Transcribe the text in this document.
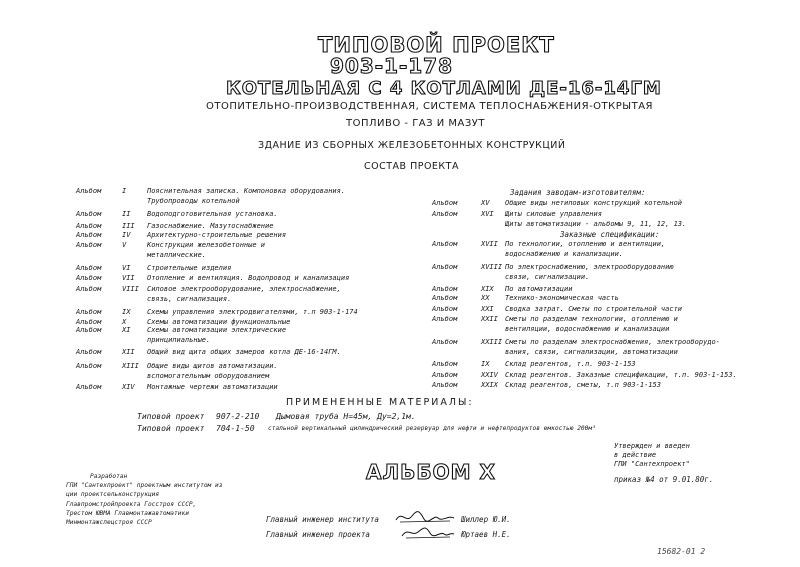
ТИПОВОЙ ПРОЕКТ
903-1-178
КОТЕЛЬНАЯ С 4 КОТЛАМИ ДЕ-16-14ГМ
ОТОПИТЕЛЬНО-ПРОИЗВОДСТВЕННАЯ, СИСТЕМА ТЕПЛОСНАБЖЕНИЯ-ОТКРЫТАЯ
ТОПЛИВО - ГАЗ И МАЗУТ
ЗДАНИЕ ИЗ СБОРНЫХ ЖЕЛЕЗОБЕТОННЫХ КОНСТРУКЦИЙ
СОСТАВ ПРОЕКТА
Альбом	I	Пояснительная записка. Компоновка оборудования.
Трубопроводы котельной
Альбом	II Водоподготовительная установка.
Альбом	III Газоснабжение. Мазутоснабжение
Альбом	IV Архитектурно-строительные решения
Альбом	V	Конструкции железобетонные и
металлические.
Альбом	VI Строительные изделия
Альбом	VII Отопление и вентиляция. Водопровод и канализация
Альбом	VIII Силовое электрооборудование, электроснабжение,
связь, сигнализация.
Альбом	IX Схемы управления электродвигателями, т.п 903-1-174
Альбом	X	Схемы автоматизации функциональные
Альбом	XI Схемы автоматизации электрические
принципиальные.
Альбом	XII Общий вид щита общих замеров котла ДЕ-16-14ГМ.
Альбом	XIII Общие виды щитов автоматизации.
вспомогательным оборудованием
Альбом	XIV Монтажные чертежи автоматизации
Задания заводам-изготовителям:
Альбом	XV Общие виды нетиповых конструкций котельной
Альбом	XVI Щиты силовые управления
Щиты автоматизации - альбомы 9, 11, 12, 13.
Заказные спецификации:
Альбом	XVII По технологии, отоплению и вентиляции,
водоснабжению и канализации.
Альбом	XVIII По электроснабжению, электрооборудованию
связи, сигнализации.
Альбом	XIX По автоматизации
Альбом	XX Технико-экономическая часть
Альбом	XXI Сводка затрат. Сметы по строительной части
Альбом	XXII Сметы по разделам технологии, отоплению и
вентиляции, водоснабжению и канализации
Альбом	XXIII Сметы по разделам электроснабжения, электрооборудо-
вания, связи, сигнализации, автоматизации
Альбом	IX Склад реагентов, т.п. 903-1-153
Альбом	XXIV Склад реагентов. Заказные спецификации, т.п. 903-1-153.
Альбом	XXIX Склад реагентов, сметы, т.п 903-1-153
ПРИМЕНЕННЫЕ МАТЕРИАЛЫ:
Типовой проект 907-2-210 Дымовая труба Н=45м, Ду=2,1м.
Типовой проект 704-1-50 стальной вертикальный цилиндрический резервуар для нефти и нефтепродуктов емкостью 200м³
Утвержден и введен
в действие
ГПИ "Сантехпроект"
приказ №4 от 9.01.80г.
АЛЬБОМ X
Разработан
ГПИ "Сантехпроект" проектным институтом из
ции проектсельконструкция
Главпромстройпроекта Госстроя СССР,
Трестом ЮВМА Главмонтажавтоматики
Минмонтажспецстроя СССР	Главный инженер института	Шиллер Ю.И.
Главный инженер проекта	Юртаев Н.Е.
15682-01 2
